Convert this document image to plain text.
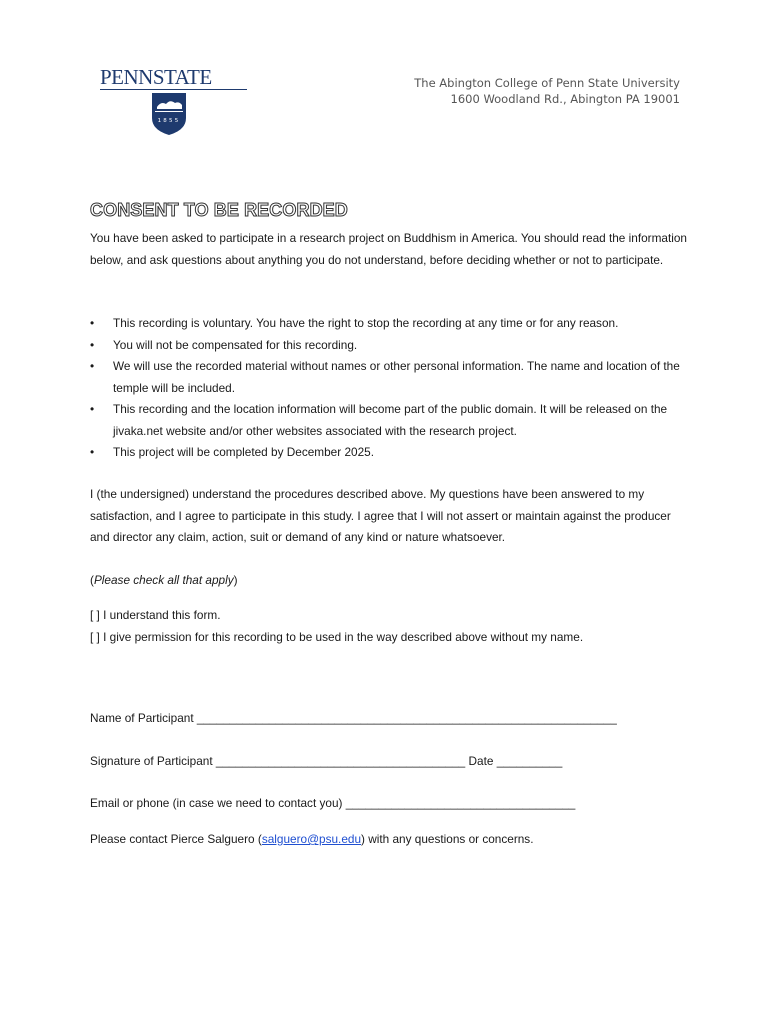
PENNSTATE
1855
The Abington College of Penn State University
1600 Woodland Rd., Abington PA 19001
CONSENT TO BE RECORDED

You have been asked to participate in a research project on Buddhism in America. You should read the information below, and ask questions about anything you do not understand, before deciding whether or not to participate.

• This recording is voluntary. You have the right to stop the recording at any time or for any reason.
• You will not be compensated for this recording.
• We will use the recorded material without names or other personal information. The name and location of the temple will be included.
• This recording and the location information will become part of the public domain. It will be released on the jivaka.net website and/or other websites associated with the research project.
• This project will be completed by December 2025.

I (the undersigned) understand the procedures described above. My questions have been answered to my satisfaction, and I agree to participate in this study. I agree that I will not assert or maintain against the producer and director any claim, action, suit or demand of any kind or nature whatsoever.

(Please check all that apply)

[ ] I understand this form.
[ ] I give permission for this recording to be used in the way described above without my name.
Name of Participant ________________________________________________________________
Signature of Participant ______________________________________ Date __________
Email or phone (in case we need to contact you) ___________________________________
Please contact Pierce Salguero (salguero@psu.edu) with any questions or concerns.
